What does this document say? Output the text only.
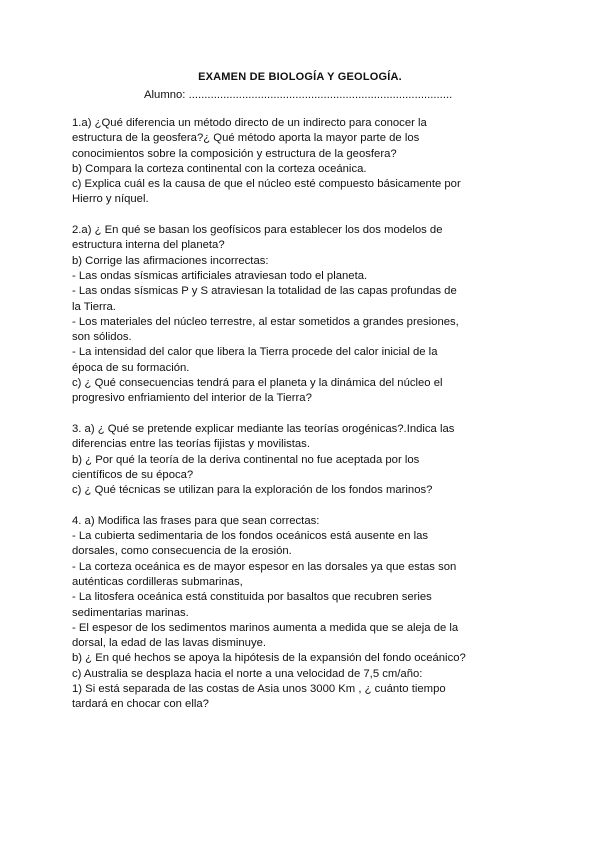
EXAMEN DE BIOLOGÍA Y GEOLOGÍA.
Alumno: ....................................................................................
1.a) ¿Qué diferencia un método directo de un indirecto para conocer la
estructura de la geosfera?¿ Qué método aporta la mayor parte de los
conocimientos sobre la composición y estructura de la geosfera?
b) Compara la corteza continental con la corteza oceánica.
c) Explica cuál es la causa de que el núcleo esté compuesto básicamente por
Hierro y níquel.
2.a) ¿ En qué se basan los geofísicos para establecer los dos modelos de
estructura interna del planeta?
b) Corrige las afirmaciones incorrectas:
- Las ondas sísmicas artificiales atraviesan todo el planeta.
- Las ondas sísmicas P y S atraviesan la totalidad de las capas profundas de
la Tierra.
- Los materiales del núcleo terrestre, al estar sometidos a grandes presiones,
son sólidos.
- La intensidad del calor que libera la Tierra procede del calor inicial de la
época de su formación.
c) ¿ Qué consecuencias tendrá para el planeta y la dinámica del núcleo el
progresivo enfriamiento del interior de la Tierra?
3. a) ¿ Qué se pretende explicar mediante las teorías orogénicas?.Indica las
diferencias entre las teorías fijistas y movilistas.
b) ¿ Por qué la teoría de la deriva continental no fue aceptada por los
científicos de su época?
c) ¿ Qué técnicas se utilizan para la exploración de los fondos marinos?
4. a) Modifica las frases para que sean correctas:
- La cubierta sedimentaria de los fondos oceánicos está ausente en las
dorsales, como consecuencia de la erosión.
- La corteza oceánica es de mayor espesor en las dorsales ya que estas son
auténticas cordilleras submarinas,
- La litosfera oceánica está constituida por basaltos que recubren series
sedimentarias marinas.
- El espesor de los sedimentos marinos aumenta a medida que se aleja de la
dorsal, la edad de las lavas disminuye.
b) ¿ En qué hechos se apoya la hipótesis de la expansión del fondo oceánico?
c) Australia se desplaza hacia el norte a una velocidad de 7,5 cm/año:
1) Si está separada de las costas de Asia unos 3000 Km , ¿ cuánto tiempo
tardará en chocar con ella?
